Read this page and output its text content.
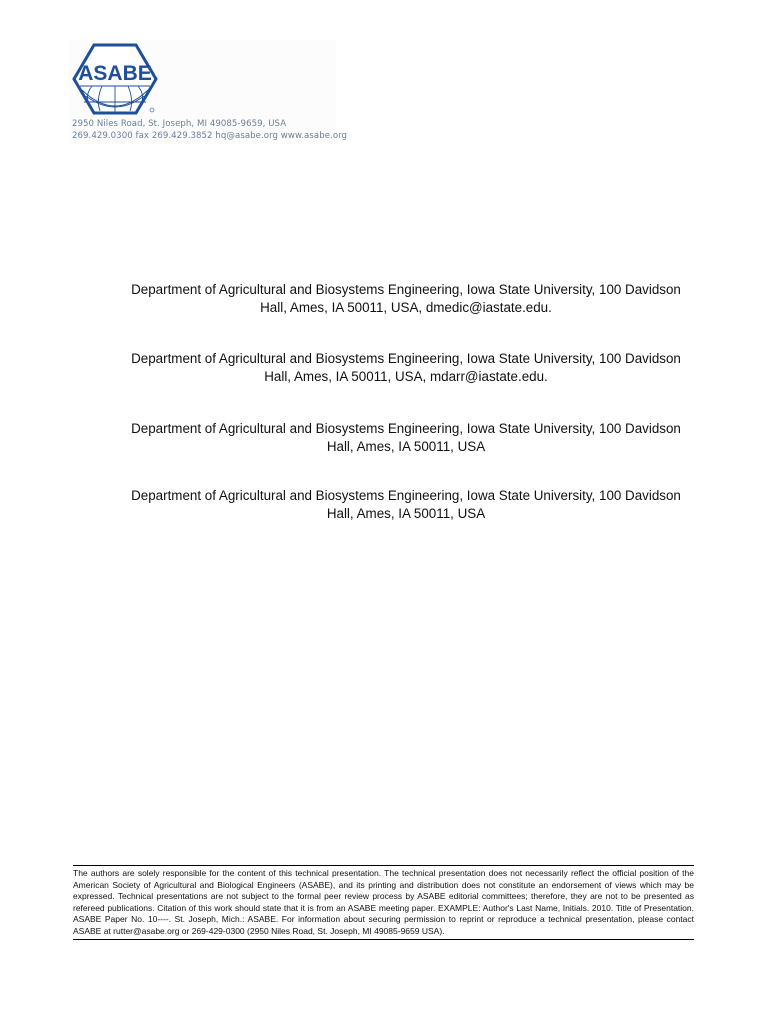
ASABE
2950 Niles Road, St. Joseph, MI 49085-9659, USA
269.429.0300 fax 269.429.3852 hq@asabe.org www.asabe.org
Department of Agricultural and Biosystems Engineering, Iowa State University, 100 Davidson
Hall, Ames, IA 50011, USA, dmedic@iastate.edu.
Department of Agricultural and Biosystems Engineering, Iowa State University, 100 Davidson
Hall, Ames, IA 50011, USA, mdarr@iastate.edu.
Department of Agricultural and Biosystems Engineering, Iowa State University, 100 Davidson
Hall, Ames, IA 50011, USA
Department of Agricultural and Biosystems Engineering, Iowa State University, 100 Davidson
Hall, Ames, IA 50011, USA
The authors are solely responsible for the content of this technical presentation. The technical presentation does not necessarily reflect the official position of the American Society of Agricultural and Biological Engineers (ASABE), and its printing and distribution does not constitute an endorsement of views which may be expressed. Technical presentations are not subject to the formal peer review process by ASABE editorial committees; therefore, they are not to be presented as refereed publications. Citation of this work should state that it is from an ASABE meeting paper. EXAMPLE: Author's Last Name, Initials. 2010. Title of Presentation. ASABE Paper No. 10----. St. Joseph, Mich.: ASABE. For information about securing permission to reprint or reproduce a technical presentation, please contact ASABE at rutter@asabe.org or 269-429-0300 (2950 Niles Road, St. Joseph, MI 49085-9659 USA).
